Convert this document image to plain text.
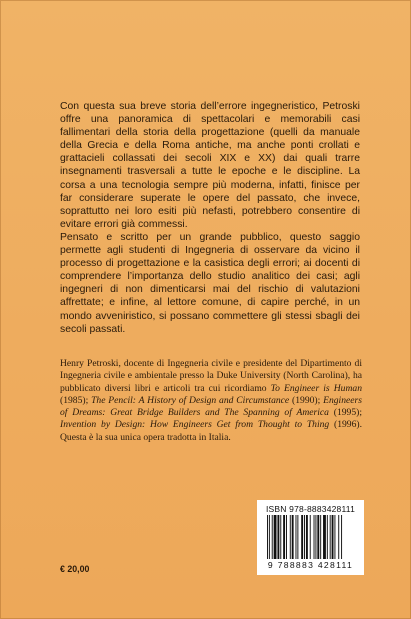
Con questa sua breve storia dell’errore ingegneristico, Petroski offre una panoramica di spettacolari e memorabili casi fallimentari della storia della progettazione (quelli da manuale della Grecia e della Roma antiche, ma anche ponti crollati e grattacieli collassati dei secoli XIX e XX) dai quali trarre insegnamenti trasversali a tutte le epoche e le discipline. La corsa a una tecnologia sempre più moderna, infatti, finisce per far considerare superate le opere del passato, che invece, soprattutto nei loro esiti più nefasti, potrebbero consentire di evitare errori già commessi.

Pensato e scritto per un grande pubblico, questo saggio permette agli studenti di Ingegneria di osservare da vicino il processo di progettazione e la casistica degli errori; ai docenti di comprendere l’importanza dello studio analitico dei casi; agli ingegneri di non dimenticarsi mai del rischio di valutazioni affrettate; e infine, al lettore comune, di capire perché, in un mondo avveniristico, si possano commettere gli stessi sbagli dei secoli passati.

Henry Petroski, docente di Ingegneria civile e presidente del Dipartimento di Ingegneria civile e ambientale presso la Duke University (North Carolina), ha pubblicato diversi libri e articoli tra cui ricordiamo To Engineer is Human (1985); The Pencil: A History of Design and Circumstance (1990); Engineers of Dreams: Great Bridge Builders and The Spanning of America (1995); Invention by Design: How Engineers Get from Thought to Thing (1996). Questa è la sua unica opera tradotta in Italia.

ISBN 978-8883428111
9 788883 428111
€ 20,00
